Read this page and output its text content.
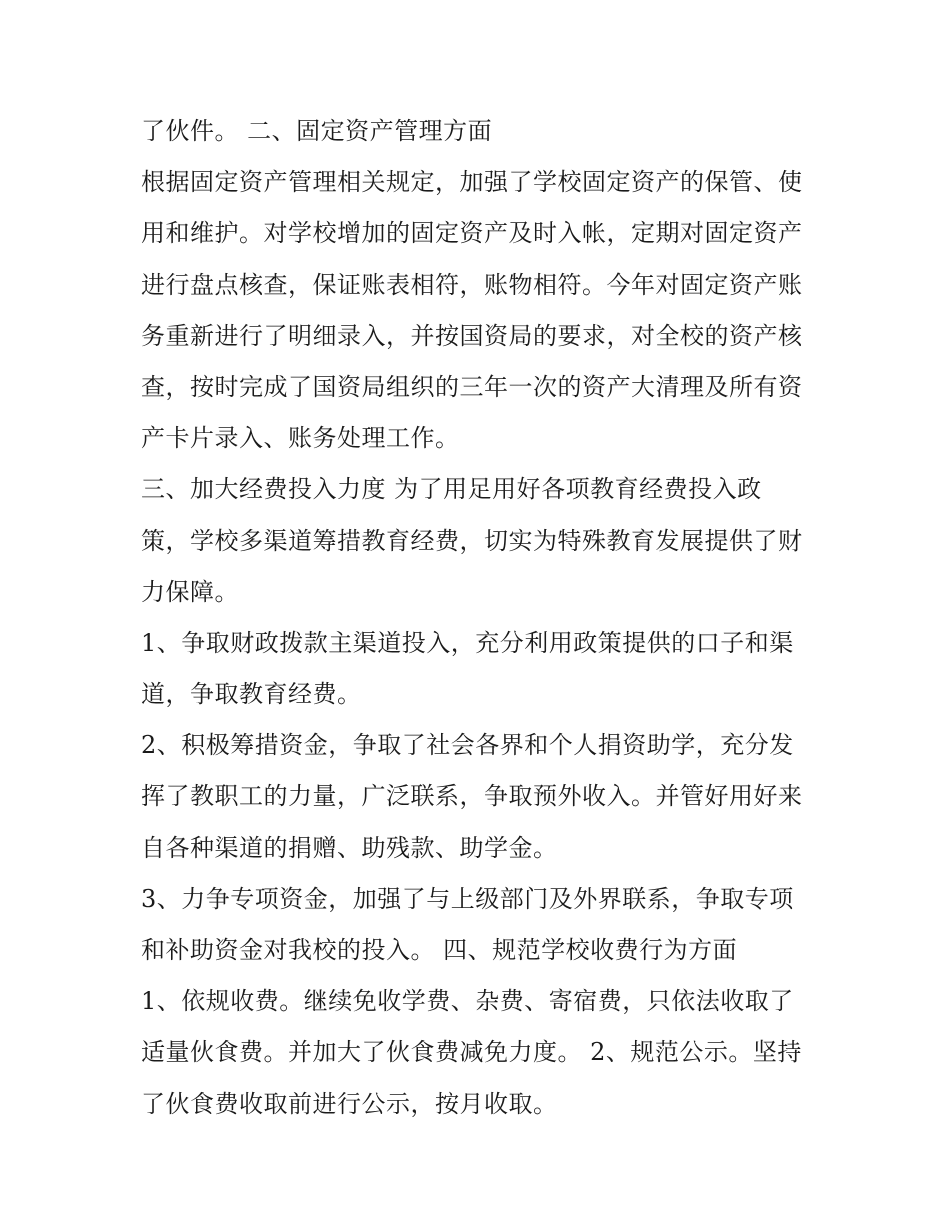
了伙件。 二、固定资产管理方面
根据固定资产管理相关规定，加强了学校固定资产的保管、使
用和维护。对学校增加的固定资产及时入帐，定期对固定资产
进行盘点核查，保证账表相符，账物相符。今年对固定资产账
务重新进行了明细录入，并按国资局的要求，对全校的资产核
查，按时完成了国资局组织的三年一次的资产大清理及所有资
产卡片录入、账务处理工作。
三、加大经费投入力度 为了用足用好各项教育经费投入政
策，学校多渠道筹措教育经费，切实为特殊教育发展提供了财
力保障。
1、争取财政拨款主渠道投入，充分利用政策提供的口子和渠
道，争取教育经费。
2、积极筹措资金，争取了社会各界和个人捐资助学，充分发
挥了教职工的力量，广泛联系，争取预外收入。并管好用好来
自各种渠道的捐赠、助残款、助学金。
3、力争专项资金，加强了与上级部门及外界联系，争取专项
和补助资金对我校的投入。 四、规范学校收费行为方面
1、依规收费。继续免收学费、杂费、寄宿费，只依法收取了
适量伙食费。并加大了伙食费减免力度。 2、规范公示。坚持
了伙食费收取前进行公示，按月收取。
